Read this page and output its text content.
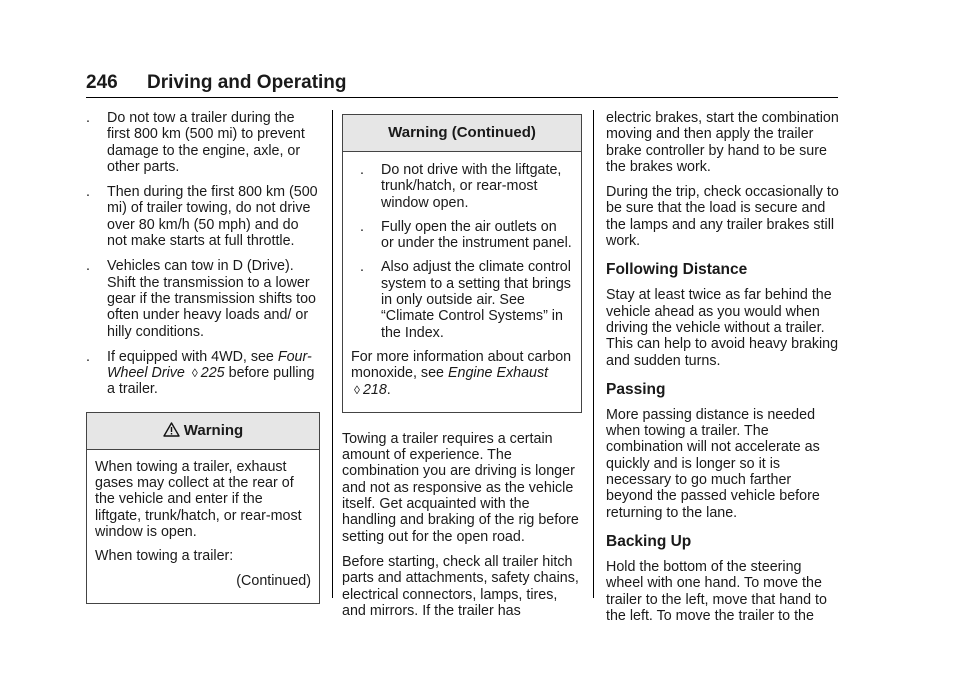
246 Driving and Operating
. Do not tow a trailer during the first 800 km (500 mi) to prevent damage to the engine, axle, or other parts.
. Then during the first 800 km (500 mi) of trailer towing, do not drive over 80 km/h (50 mph) and do not make starts at full throttle.
. Vehicles can tow in D (Drive). Shift the transmission to a lower gear if the transmission shifts too often under heavy loads and/ or hilly conditions.
. If equipped with 4WD, see Four-Wheel Drive ◊ 225 before pulling a trailer.
Warning

When towing a trailer, exhaust gases may collect at the rear of the vehicle and enter if the liftgate, trunk/hatch, or rear-most window is open.

When towing a trailer:

(Continued)

Warning (Continued)
. Do not drive with the liftgate, trunk/hatch, or rear-most window open.
. Fully open the air outlets on or under the instrument panel.
. Also adjust the climate control system to a setting that brings in only outside air. See “Climate Control Systems” in the Index.

For more information about carbon monoxide, see Engine Exhaust ◊ 218.

Towing a trailer requires a certain amount of experience. The combination you are driving is longer and not as responsive as the vehicle itself. Get acquainted with the handling and braking of the rig before setting out for the open road.

Before starting, check all trailer hitch parts and attachments, safety chains, electrical connectors, lamps, tires, and mirrors. If the trailer has

electric brakes, start the combination moving and then apply the trailer brake controller by hand to be sure the brakes work.

During the trip, check occasionally to be sure that the load is secure and the lamps and any trailer brakes still work.

Following Distance

Stay at least twice as far behind the vehicle ahead as you would when driving the vehicle without a trailer. This can help to avoid heavy braking and sudden turns.

Passing

More passing distance is needed when towing a trailer. The combination will not accelerate as quickly and is longer so it is necessary to go much farther beyond the passed vehicle before returning to the lane.

Backing Up

Hold the bottom of the steering wheel with one hand. To move the trailer to the left, move that hand to the left. To move the trailer to the
